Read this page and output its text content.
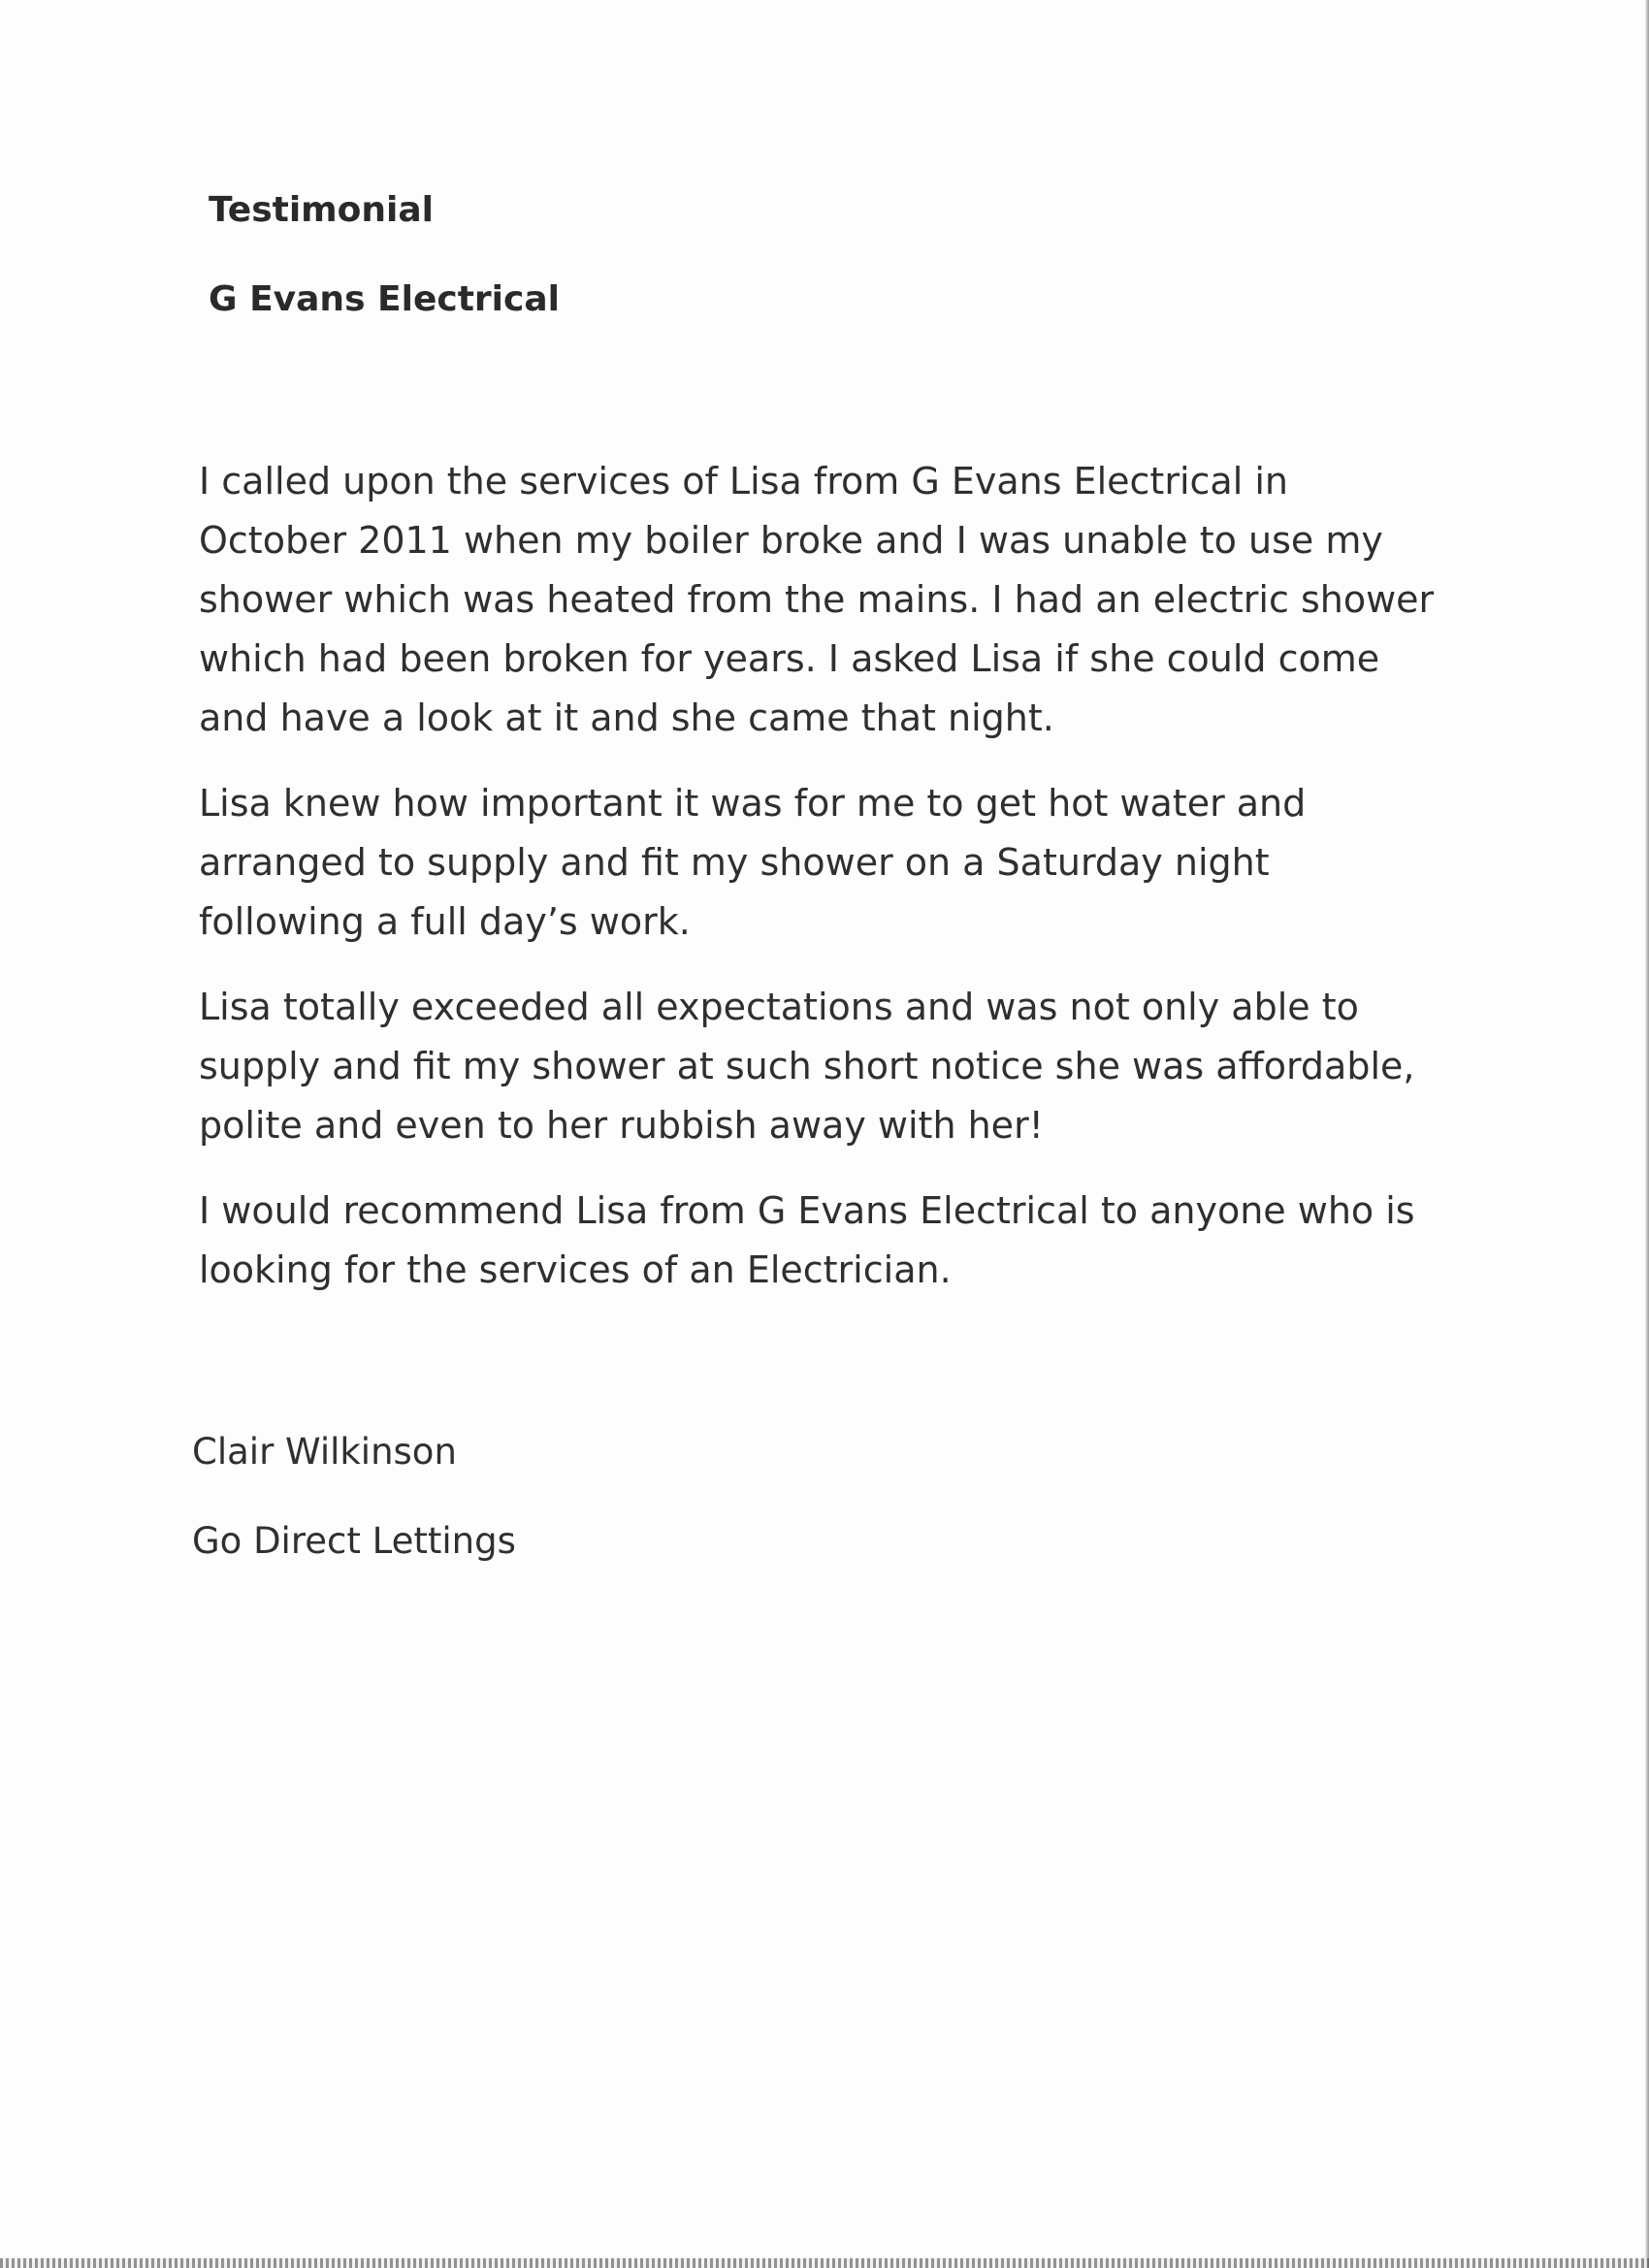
Testimonial
G Evans Electrical

I called upon the services of Lisa from G Evans Electrical in October 2011 when my boiler broke and I was unable to use my shower which was heated from the mains. I had an electric shower which had been broken for years. I asked Lisa if she could come and have a look at it and she came that night.

Lisa knew how important it was for me to get hot water and arranged to supply and fit my shower on a Saturday night following a full day’s work.

Lisa totally exceeded all expectations and was not only able to supply and fit my shower at such short notice she was affordable, polite and even to her rubbish away with her!

I would recommend Lisa from G Evans Electrical to anyone who is looking for the services of an Electrician.

Clair Wilkinson
Go Direct Lettings
